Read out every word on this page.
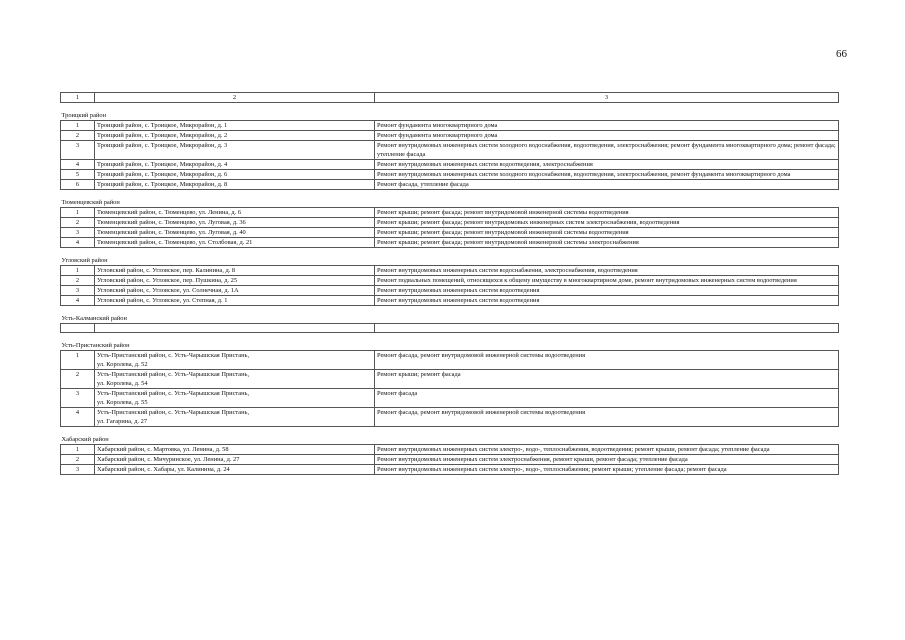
66
1	2	3

Троицкий район		
1	Троицкий район, с. Троицкое, Микрорайон, д. 1	Ремонт фундамента многоквартирного дома
2	Троицкий район, с. Троицкое, Микрорайон, д. 2	Ремонт фундамента многоквартирного дома
3	Троицкий район, с. Троицкое, Микрорайон, д. 3	Ремонт внутридомовых инженерных систем холодного водоснабжения, водоотведения, электроснабжения; ремонт фундамента многоквартирного дома; ремонт фасада; утепление фасада
4	Троицкий район, с. Троицкое, Микрорайон, д. 4	Ремонт внутридомовых инженерных систем водоотведения, электроснабжения
5	Троицкий район, с. Троицкое, Микрорайон, д. 6	Ремонт внутридомовых инженерных систем холодного водоснабжения, водоотведения, электроснабжения, ремонт фундамента многоквартирного дома
6	Троицкий район, с. Троицкое, Микрорайон, д. 8	Ремонт фасада, утепление фасада

Тюменцевский район		
1	Тюменцевский район, с. Тюменцево, ул. Ленина, д. 6	Ремонт крыши; ремонт фасада; ремонт внутридомовой инженерной системы водоотведения
2	Тюменцевский район, с. Тюменцево, ул. Луговая, д. 36	Ремонт крыши; ремонт фасада; ремонт внутридомовых инженерных систем электроснабжения, водоотведения
3	Тюменцевский район, с. Тюменцево, ул. Луговая, д. 40	Ремонт крыши; ремонт фасада; ремонт внутридомовой инженерной системы водоотведения
4	Тюменцевский район, с. Тюменцево, ул. Столбовая, д. 21	Ремонт крыши; ремонт фасада; ремонт внутридомовой инженерной системы электроснабжения

Угловский район		
1	Угловский район, с. Угловское, пер. Калинина, д. 8	Ремонт внутридомовых инженерных систем водоснабжения, электроснабжения, водоотведения
2	Угловский район, с. Угловское, пер. Пушкина, д. 25	Ремонт подвальных помещений, относящихся к общему имуществу в многоквартирном доме, ремонт внутридомовых инженерных систем водоотведения
3	Угловский район, с. Угловское, ул. Солнечная, д. 1А	Ремонт внутридомовых инженерных систем водоотведения
4	Угловский район, с. Угловское, ул. Степная, д. 1	Ремонт внутридомовых инженерных систем водоотведения

Усть-Калманский район		

Усть-Пристанский район		
1	Усть-Пристанский район, с. Усть-Чарышская Пристань,
ул. Королева, д. 52	Ремонт фасада, ремонт внутридомовой инженерной системы водоотведения
2	Усть-Пристанский район, с. Усть-Чарышская Пристань,
ул. Королева, д. 54	Ремонт крыши; ремонт фасада
3	Усть-Пристанский район, с. Усть-Чарышская Пристань,
ул. Королева, д. 55	Ремонт фасада
4	Усть-Пристанский район, с. Усть-Чарышская Пристань,
ул. Гагарина, д. 27	Ремонт фасада, ремонт внутридомовой инженерной системы водоотведения

Хабарский район		
1	Хабарский район, с. Мартовка, ул. Ленина, д. 58	Ремонт внутридомовых инженерных систем электро-, водо-, теплоснабжения, водоотведения; ремонт крыши, ремонт фасада; утепление фасада
2	Хабарский район, с. Мичуринское, ул. Ленина, д. 27	Ремонт внутридомовых инженерных систем электроснабжения, ремонт крыши, ремонт фасада; утепление фасада
3	Хабарский район, с. Хабары, ул. Калинина, д. 24	Ремонт внутридомовых инженерных систем электро-, водо-, теплоснабжения; ремонт крыши; утепление фасада; ремонт фасада
